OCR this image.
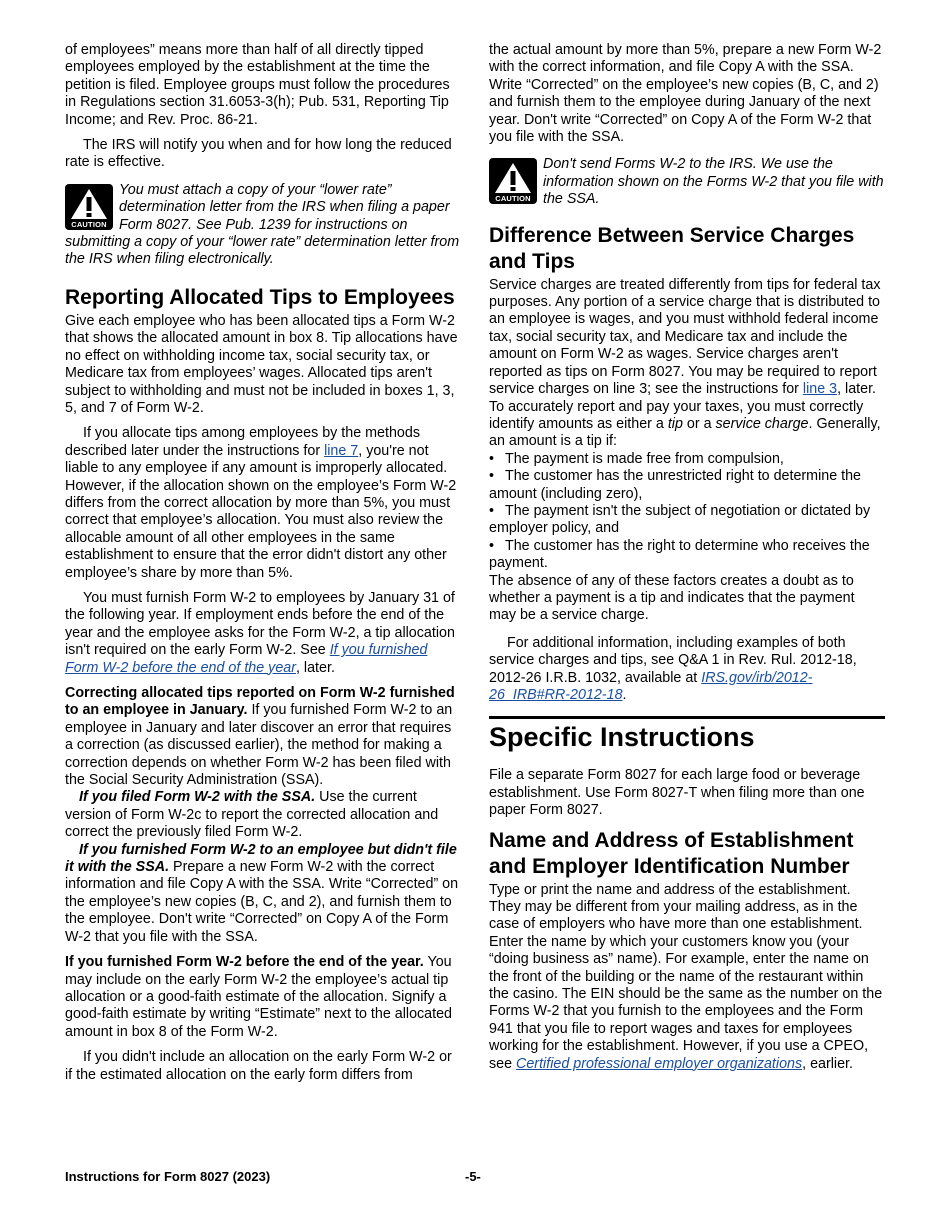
of employees” means more than half of all directly tipped employees employed by the establishment at the time the petition is filed. Employee groups must follow the procedures in Regulations section 31.6053-3(h); Pub. 531, Reporting Tip Income; and Rev. Proc. 86-21.

The IRS will notify you when and for how long the reduced rate is effective.

CAUTION
You must attach a copy of your “lower rate” determination letter from the IRS when filing a paper Form 8027. See Pub. 1239 for instructions on submitting a copy of your “lower rate” determination letter from the IRS when filing electronically.
Reporting Allocated Tips to Employees

Give each employee who has been allocated tips a Form W-2 that shows the allocated amount in box 8. Tip allocations have no effect on withholding income tax, social security tax, or Medicare tax from employees’ wages. Allocated tips aren't subject to withholding and must not be included in boxes 1, 3, 5, and 7 of Form W-2.

If you allocate tips among employees by the methods described later under the instructions for line 7, you're not liable to any employee if any amount is improperly allocated. However, if the allocation shown on the employee’s Form W-2 differs from the correct allocation by more than 5%, you must correct that employee’s allocation. You must also review the allocable amount of all other employees in the same establishment to ensure that the error didn't distort any other employee’s share by more than 5%.

You must furnish Form W-2 to employees by January 31 of the following year. If employment ends before the end of the year and the employee asks for the Form W-2, a tip allocation isn't required on the early Form W-2. See If you furnished Form W-2 before the end of the year, later.

Correcting allocated tips reported on Form W-2 furnished to an employee in January. If you furnished Form W-2 to an employee in January and later discover an error that requires a correction (as discussed earlier), the method for making a correction depends on whether Form W-2 has been filed with the Social Security Administration (SSA).

If you filed Form W-2 with the SSA. Use the current version of Form W-2c to report the corrected allocation and correct the previously filed Form W-2.

If you furnished Form W-2 to an employee but didn't file it with the SSA. Prepare a new Form W-2 with the correct information and file Copy A with the SSA. Write “Corrected” on the employee’s new copies (B, C, and 2), and furnish them to the employee. Don't write “Corrected” on Copy A of the Form W-2 that you file with the SSA.

If you furnished Form W-2 before the end of the year. You may include on the early Form W-2 the employee’s actual tip allocation or a good-faith estimate of the allocation. Signify a good-faith estimate by writing “Estimate” next to the allocated amount in box 8 of the Form W-2.

If you didn't include an allocation on the early Form W-2 or if the estimated allocation on the early form differs from

the actual amount by more than 5%, prepare a new Form W-2 with the correct information, and file Copy A with the SSA. Write “Corrected” on the employee’s new copies (B, C, and 2) and furnish them to the employee during January of the next year. Don't write “Corrected” on Copy A of the Form W-2 that you file with the SSA.

CAUTION
Don't send Forms W-2 to the IRS. We use the information shown on the Forms W-2 that you file with the SSA.
Difference Between Service Charges and Tips

Service charges are treated differently from tips for federal tax purposes. Any portion of a service charge that is distributed to an employee is wages, and you must withhold federal income tax, social security tax, and Medicare tax and include the amount on Form W-2 as wages. Service charges aren't reported as tips on Form 8027. You may be required to report service charges on line 3; see the instructions for line 3, later. To accurately report and pay your taxes, you must correctly identify amounts as either a tip or a service charge. Generally, an amount is a tip if:

• The payment is made free from compulsion,
• The customer has the unrestricted right to determine the amount (including zero),
• The payment isn't the subject of negotiation or dictated by employer policy, and
• The customer has the right to determine who receives the payment.

The absence of any of these factors creates a doubt as to whether a payment is a tip and indicates that the payment may be a service charge.

For additional information, including examples of both service charges and tips, see Q&A 1 in Rev. Rul. 2012-18, 2012-26 I.R.B. 1032, available at IRS.gov/irb/2012-26_IRB#RR-2012-18.

Specific Instructions

File a separate Form 8027 for each large food or beverage establishment. Use Form 8027-T when filing more than one paper Form 8027.

Name and Address of Establishment and Employer Identification Number

Type or print the name and address of the establishment. They may be different from your mailing address, as in the case of employers who have more than one establishment. Enter the name by which your customers know you (your “doing business as” name). For example, enter the name on the front of the building or the name of the restaurant within the casino. The EIN should be the same as the number on the Forms W-2 that you furnish to the employees and the Form 941 that you file to report wages and taxes for employees working for the establishment. However, if you use a CPEO, see Certified professional employer organizations, earlier.

Instructions for Form 8027 (2023)	-5-
